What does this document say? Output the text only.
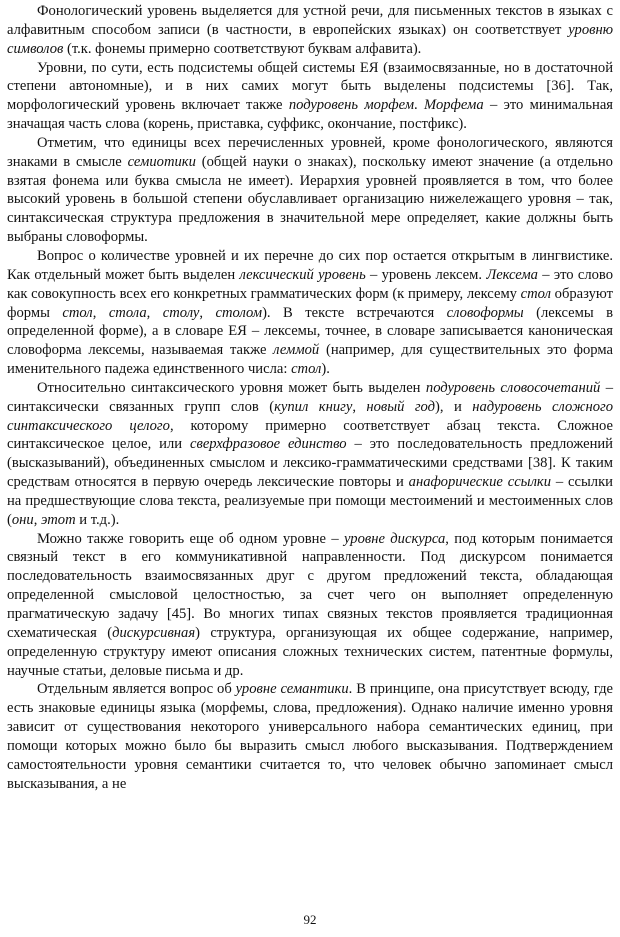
Фонологический уровень выделяется для устной речи, для письменных текстов в языках с алфавитным способом записи (в частности, в европейских языках) он соответствует уровню символов (т.к. фонемы примерно соответствуют буквам алфавита).

Уровни, по сути, есть подсистемы общей системы ЕЯ (взаимосвязанные, но в достаточной степени автономные), и в них самих могут быть выделены подсистемы [36]. Так, морфологический уровень включает также подуровень морфем. Морфема – это минимальная значащая часть слова (корень, приставка, суффикс, окончание, постфикс).

Отметим, что единицы всех перечисленных уровней, кроме фонологического, являются знаками в смысле семиотики (общей науки о знаках), поскольку имеют значение (а отдельно взятая фонема или буква смысла не имеет). Иерархия уровней проявляется в том, что более высокий уровень в большой степени обуславливает организацию нижележащего уровня – так, синтаксическая структура предложения в значительной мере определяет, какие должны быть выбраны словоформы.

Вопрос о количестве уровней и их перечне до сих пор остается открытым в лингвистике. Как отдельный может быть выделен лексический уровень – уровень лексем. Лексема – это слово как совокупность всех его конкретных грамматических форм (к примеру, лексему стол образуют формы стол, стола, столу, столом). В тексте встречаются словоформы (лексемы в определенной форме), а в словаре ЕЯ – лексемы, точнее, в словаре записывается каноническая словоформа лексемы, называемая также леммой (например, для существительных это форма именительного падежа единственного числа: стол).

Относительно синтаксического уровня может быть выделен подуровень словосочетаний – синтаксически связанных групп слов (купил книгу, новый год), и надуровень сложного синтаксического целого, которому примерно соответствует абзац текста. Сложное синтаксическое целое, или сверхфразовое единство – это последовательность предложений (высказываний), объединенных смыслом и лексико-грамматическими средствами [38]. К таким средствам относятся в первую очередь лексические повторы и анафорические ссылки – ссылки на предшествующие слова текста, реализуемые при помощи местоимений и местоименных слов (они, этот и т.д.).

Можно также говорить еще об одном уровне – уровне дискурса, под которым понимается связный текст в его коммуникативной направленности. Под дискурсом понимается последовательность взаимосвязанных друг с другом предложений текста, обладающая определенной смысловой целостностью, за счет чего он выполняет определенную прагматическую задачу [45]. Во многих типах связных текстов проявляется традиционная схематическая (дискурсивная) структура, организующая их общее содержание, например, определенную структуру имеют описания сложных технических систем, патентные формулы, научные статьи, деловые письма и др.

Отдельным является вопрос об уровне семантики. В принципе, она присутствует всюду, где есть знаковые единицы языка (морфемы, слова, предложения). Однако наличие именно уровня зависит от существования некоторого универсального набора семантических единиц, при помощи которых можно было бы выразить смысл любого высказывания. Подтверждением самостоятельности уровня семантики считается то, что человек обычно запоминает смысл высказывания, а не

92
